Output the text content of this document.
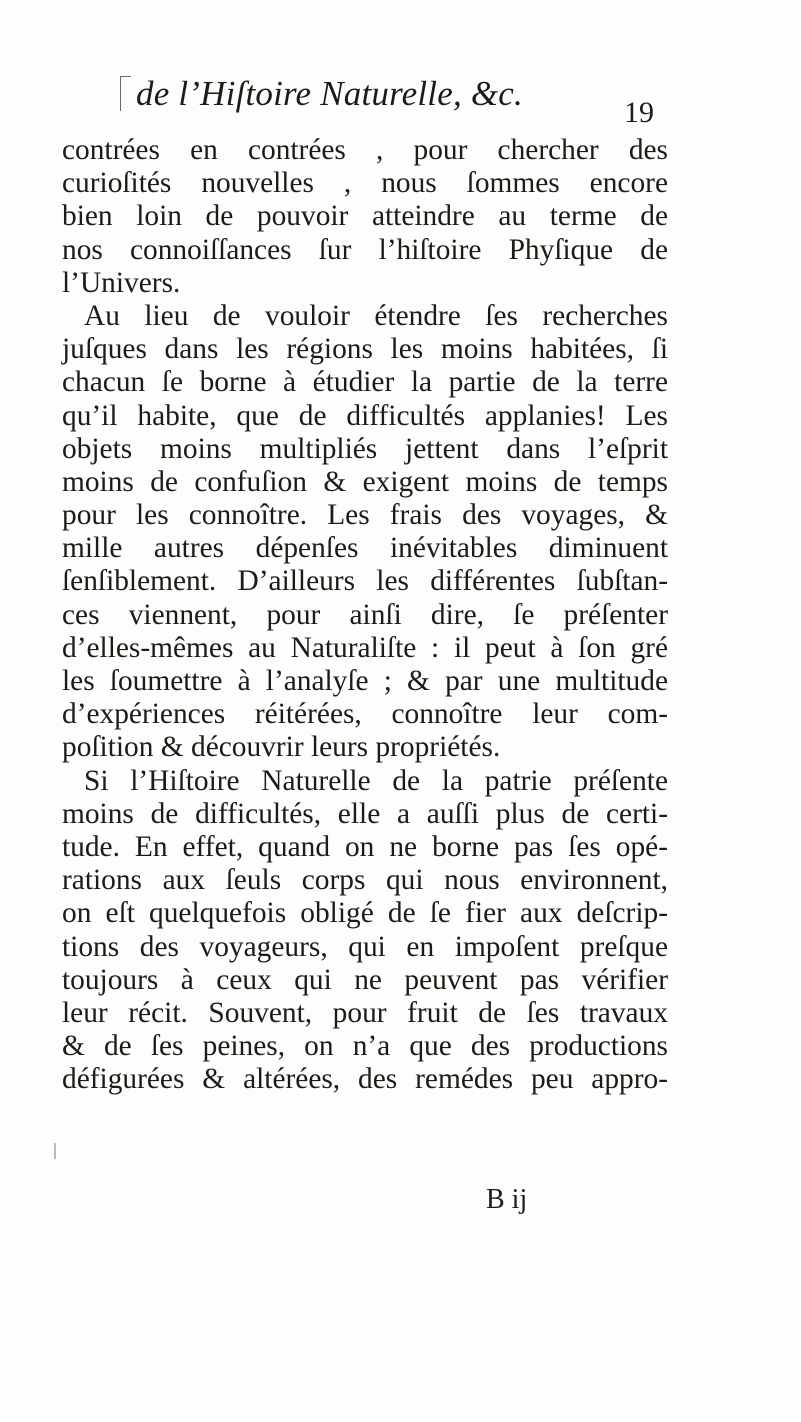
de l’Hiſtoire Naturelle, &c.	19
contrées en contrées , pour chercher des
curioſités nouvelles , nous ſommes encore
bien loin de pouvoir atteindre au terme de
nos connoiſſances ſur l’hiſtoire Phyſique de
l’Univers.
Au lieu de vouloir étendre ſes recherches
juſques dans les régions les moins habitées, ſi
chacun ſe borne à étudier la partie de la terre
qu’il habite, que de difficultés applanies! Les
objets moins multipliés jettent dans l’eſprit
moins de confuſion & exigent moins de temps
pour les connoître. Les frais des voyages, &
mille autres dépenſes inévitables diminuent
ſenſiblement. D’ailleurs les différentes ſubſtan-
ces viennent, pour ainſi dire, ſe préſenter
d’elles-mêmes au Naturaliſte : il peut à ſon gré
les ſoumettre à l’analyſe ; & par une multitude
d’expériences réitérées, connoître leur com-
poſition & découvrir leurs propriétés.
Si l’Hiſtoire Naturelle de la patrie préſente
moins de difficultés, elle a auſſi plus de certi-
tude. En effet, quand on ne borne pas ſes opé-
rations aux ſeuls corps qui nous environnent,
on eſt quelquefois obligé de ſe fier aux deſcrip-
tions des voyageurs, qui en impoſent preſque
toujours à ceux qui ne peuvent pas vérifier
leur récit. Souvent, pour fruit de ſes travaux
& de ſes peines, on n’a que des productions
défigurées & altérées, des remédes peu appro-
B ij
